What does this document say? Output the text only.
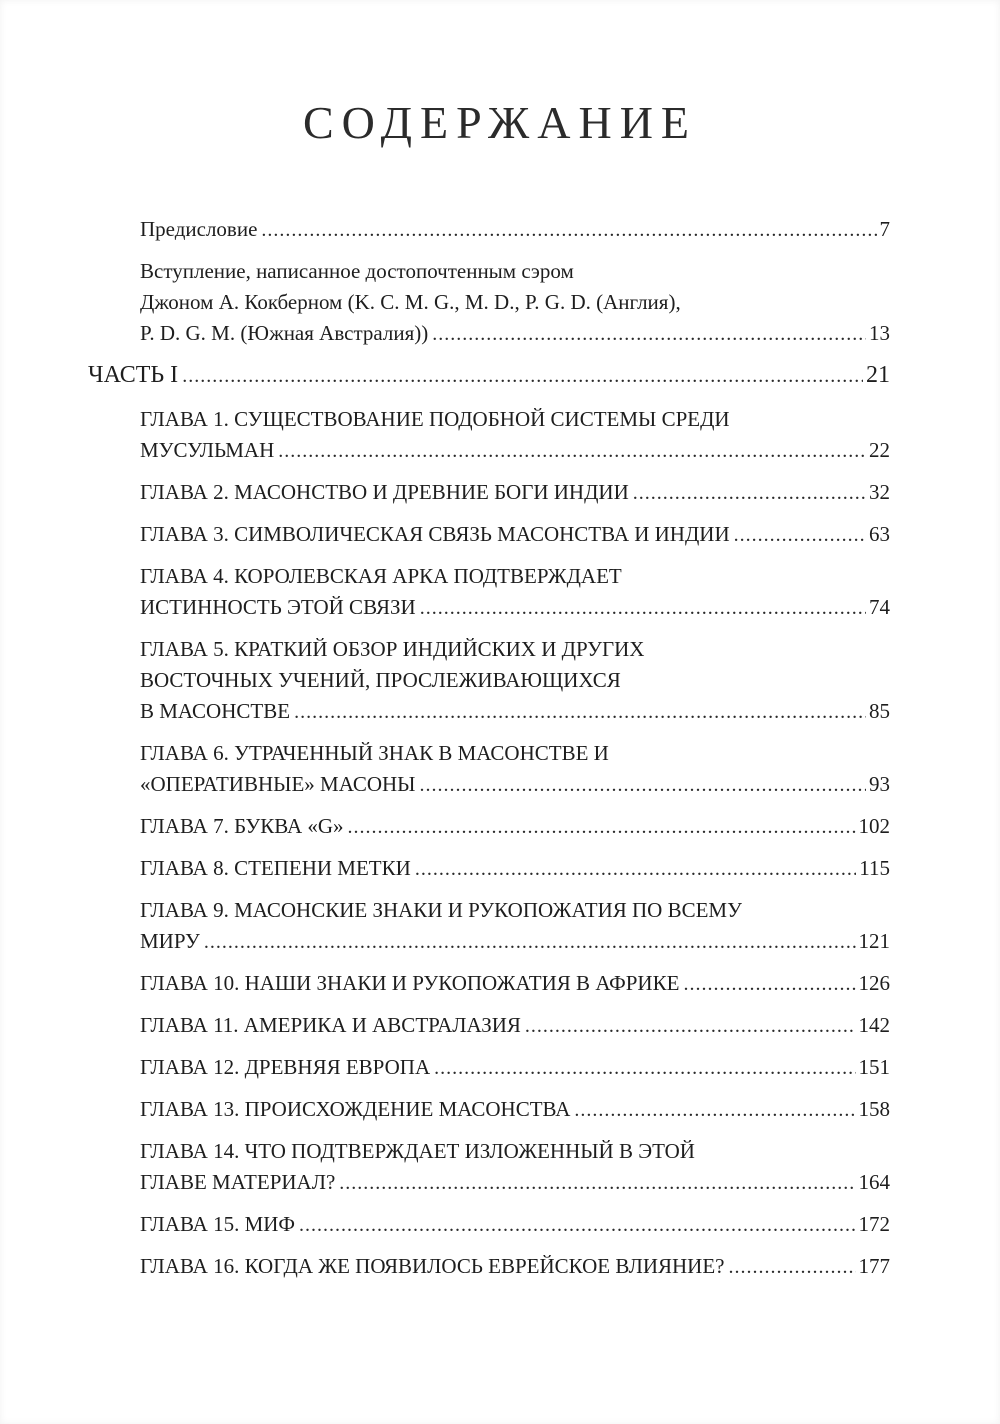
СОДЕРЖАНИЕ
Предисловие .....	7
Вступление, написанное достопочтенным сэром
Джоном А. Кокберном (K. C. M. G., M. D., P. G. D. (Англия),
P. D. G. M. (Южная Австралия)) .....	13
ЧАСТЬ I .....	21
ГЛАВА 1. СУЩЕСТВОВАНИЕ ПОДОБНОЙ СИСТЕМЫ СРЕДИ
МУСУЛЬМАН .....	22
ГЛАВА 2. МАСОНСТВО И ДРЕВНИЕ БОГИ ИНДИИ .....	32
ГЛАВА 3. СИМВОЛИЧЕСКАЯ СВЯЗЬ МАСОНСТВА И ИНДИИ .....	63
ГЛАВА 4. КОРОЛЕВСКАЯ АРКА ПОДТВЕРЖДАЕТ
ИСТИННОСТЬ ЭТОЙ СВЯЗИ .....	74
ГЛАВА 5. КРАТКИЙ ОБЗОР ИНДИЙСКИХ И ДРУГИХ
ВОСТОЧНЫХ УЧЕНИЙ, ПРОСЛЕЖИВАЮЩИХСЯ
В МАСОНСТВЕ .....	85
ГЛАВА 6. УТРАЧЕННЫЙ ЗНАК В МАСОНСТВЕ И
«ОПЕРАТИВНЫЕ» МАСОНЫ .....	93
ГЛАВА 7. БУКВА «G» .....	102
ГЛАВА 8. СТЕПЕНИ МЕТКИ .....	115
ГЛАВА 9. МАСОНСКИЕ ЗНАКИ И РУКОПОЖАТИЯ ПО ВСЕМУ
МИРУ .....	121
ГЛАВА 10. НАШИ ЗНАКИ И РУКОПОЖАТИЯ В АФРИКЕ .....	126
ГЛАВА 11. АМЕРИКА И АВСТРАЛАЗИЯ .....	142
ГЛАВА 12. ДРЕВНЯЯ ЕВРОПА .....	151
ГЛАВА 13. ПРОИСХОЖДЕНИЕ МАСОНСТВА .....	158
ГЛАВА 14. ЧТО ПОДТВЕРЖДАЕТ ИЗЛОЖЕННЫЙ В ЭТОЙ
ГЛАВЕ МАТЕРИАЛ? .....	164
ГЛАВА 15. МИФ .....	172
ГЛАВА 16. КОГДА ЖЕ ПОЯВИЛОСЬ ЕВРЕЙСКОЕ ВЛИЯНИЕ? .....	177
